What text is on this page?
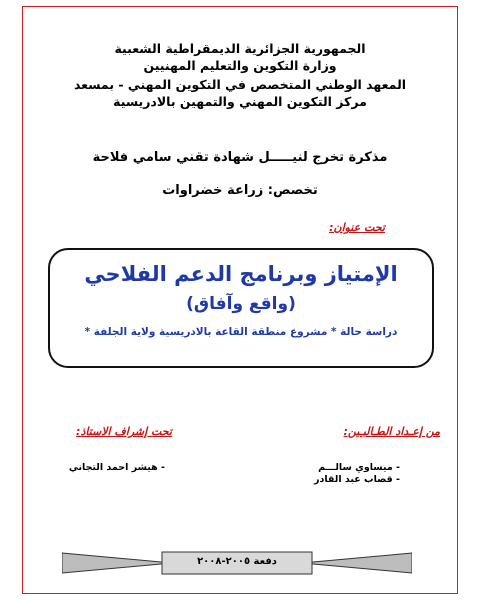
الجمهورية الجزائرية الديمقراطية الشعبية
وزارة التكوين والتعليم المهنيين
المعهد الوطني المتخصص في التكوين المهني - بمسعد
مركز التكوين المهني والتمهين بالادريسية
مذكرة تخرج لنيـــــل شهادة تقني سامي فلاحة
تخصص: زراعة خضراوات
تحت عنوان:
الإمتياز وبرنامج الدعم الفلاحي
(واقع وآفاق)
دراسة حالة * مشروع منطقة القاعة بالادريسية ولاية الجلفة *
من إعـداد الطـالبـين:
تحت إشراف الاستاذ:
- ميساوي سالـــم
- قصاب عبد القادر
- هيشر احمد التجاني
دفعة ٢٠٠٥-٢٠٠٨
